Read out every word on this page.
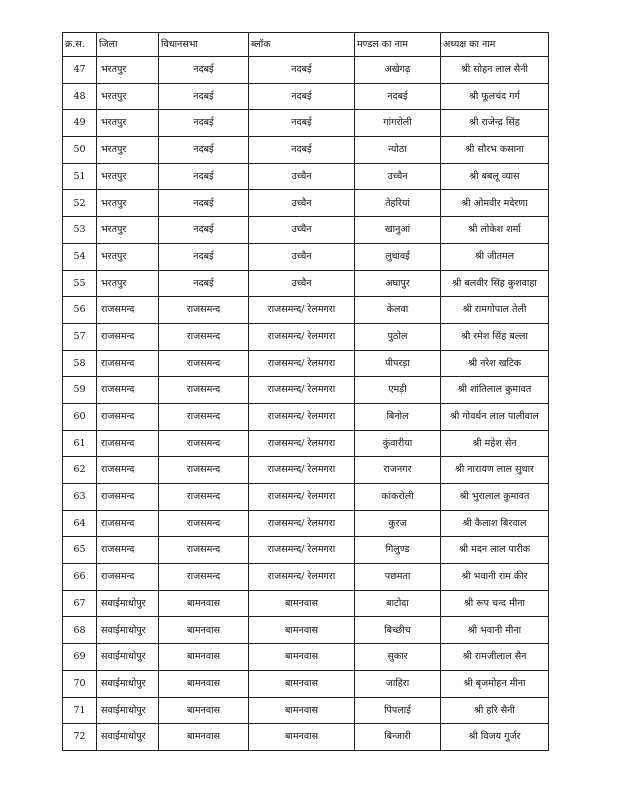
क्र.स.	जिला	विधानसभा	ब्लॉक	मण्डल का नाम	अध्यक्ष का नाम
47	भरतपुर	नदबई	नदबई	अखेगढ़	श्री सोहन लाल सैनी
48	भरतपुर	नदबई	नदबई	नदबई	श्री फूलचंद गर्ग
49	भरतपुर	नदबई	नदबई	गांगरोली	श्री राजेन्द्र सिंह
50	भरतपुर	नदबई	नदबई	न्योठा	श्री सौरभ कसाना
51	भरतपुर	नदबई	उच्चैन	उच्चैन	श्री बबलू व्यास
52	भरतपुर	नदबई	उच्चैन	तेहरियां	श्री ओमवीर मदेरणा
53	भरतपुर	नदबई	उच्चैन	खानुआं	श्री लोकेश शर्मा
54	भरतपुर	नदबई	उच्चैन	लुधावई	श्री जीतमल
55	भरतपुर	नदबई	उच्चैन	अघापुर	श्री बलवीर सिंह कुशवाहा
56	राजसमन्द	राजसमन्द	राजसमन्द/ रेलमगरा	केलवा	श्री रामगोपाल तेली
57	राजसमन्द	राजसमन्द	राजसमन्द/ रेलमगरा	पुठोल	श्री रमेश सिंह बल्ला
58	राजसमन्द	राजसमन्द	राजसमन्द/ रेलमगरा	पीपरड़ा	श्री नरेश खटिक
59	राजसमन्द	राजसमन्द	राजसमन्द/ रेलमगरा	एमड़ी	श्री शांतिलाल कुमावत
60	राजसमन्द	राजसमन्द	राजसमन्द/ रेलमगरा	बिनोल	श्री गोवर्धन लाल पालीवाल
61	राजसमन्द	राजसमन्द	राजसमन्द/ रेलमगरा	कुंवारीया	श्री महेश सेन
62	राजसमन्द	राजसमन्द	राजसमन्द/ रेलमगरा	राजनगर	श्री नारायण लाल सुथार
63	राजसमन्द	राजसमन्द	राजसमन्द/ रेलमगरा	कांकरोली	श्री भुरालाल कुमावत
64	राजसमन्द	राजसमन्द	राजसमन्द/ रेलमगरा	कुरज	श्री कैलाश बिरवाल
65	राजसमन्द	राजसमन्द	राजसमन्द/ रेलमगरा	गिलुण्ड	श्री मदन लाल पारीक
66	राजसमन्द	राजसमन्द	राजसमन्द/ रेलमगरा	पछमता	श्री भवानी राम कीर
67	सवाईमाधोपुर	बामनवास	बामनवास	बाटोदा	श्री रूप चन्द मीना
68	सवाईमाधोपुर	बामनवास	बामनवास	बिच्छीच	श्री भवानी मीना
69	सवाईमाधोपुर	बामनवास	बामनवास	सुकार	श्री रामजीलाल सैन
70	सवाईमाधोपुर	बामनवास	बामनवास	जाहिरा	श्री बृजमोहन मीना
71	सवाईमाधोपुर	बामनवास	बामनवास	पिपलाई	श्री हरि सैनी
72	सवाईमाधोपुर	बामनवास	बामनवास	बिन्जारी	श्री विजय गुर्जर
